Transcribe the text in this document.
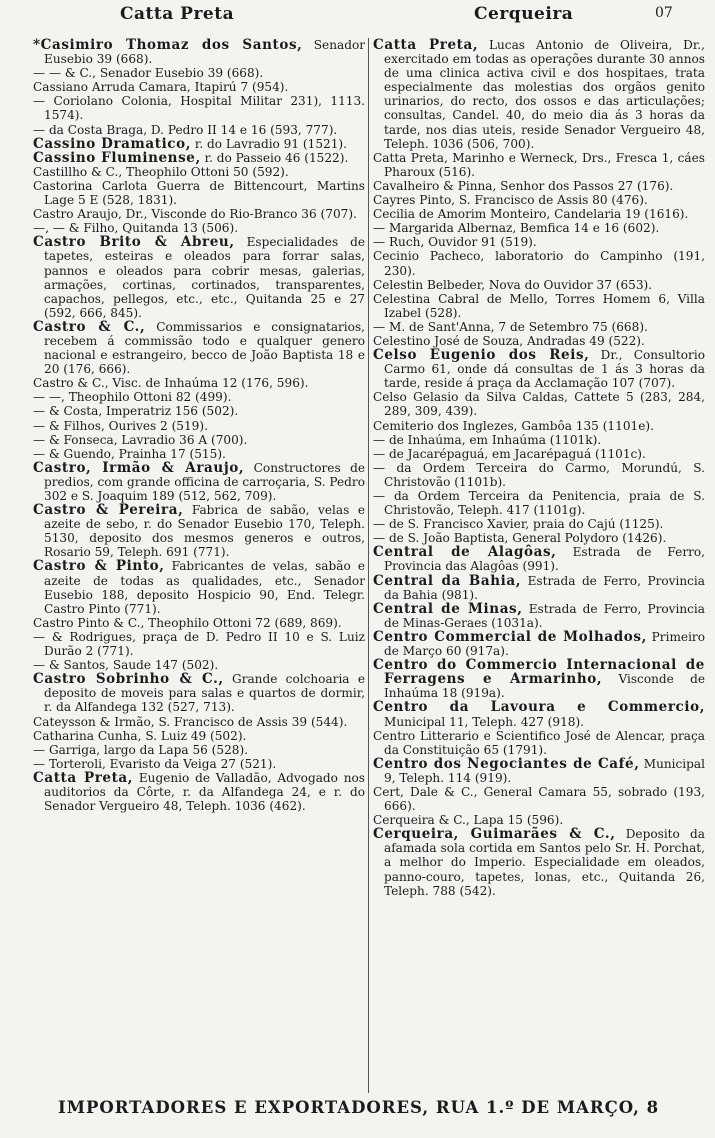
Catta Preta	Cerqueira	07
*Casimiro Thomaz dos Santos, Senador Eusebio 39 (668).
— — & C., Senador Eusebio 39 (668).
Cassiano Arruda Camara, Itapirú 7 (954).
— Coriolano Colonia, Hospital Militar 231), 1113. 1574).
— da Costa Braga, D. Pedro II 14 e 16 (593, 777).
Cassino Dramatico, r. do Lavradio 91 (1521).
Cassino Fluminense, r. do Passeio 46 (1522).
Castillho & C., Theophilo Ottoni 50 (592).
Castorina Carlota Guerra de Bittencourt, Martins Lage 5 E (528, 1831).
Castro Araujo, Dr., Visconde do Rio-Branco 36 (707).
—, — & Filho, Quitanda 13 (506).
Castro Brito & Abreu, Especialidades de tapetes, esteiras e oleados para forrar salas, pannos e oleados para cobrir mesas, galerias, armações, cortinas, cortinados, transparentes, capachos, pellegos, etc., etc., Quitanda 25 e 27 (592, 666, 845).
Castro & C., Commissarios e consignatarios, recebem á commissão todo e qualquer genero nacional e estrangeiro, becco de João Baptista 18 e 20 (176, 666).
Castro & C., Visc. de Inhaúma 12 (176, 596).
— —, Theophilo Ottoni 82 (499).
— & Costa, Imperatriz 156 (502).
— & Filhos, Ourives 2 (519).
— & Fonseca, Lavradio 36 A (700).
— & Guendo, Prainha 17 (515).
Castro, Irmão & Araujo, Constructores de predios, com grande officina de carroçaria, S. Pedro 302 e S. Joaquim 189 (512, 562, 709).
Castro & Pereira, Fabrica de sabão, velas e azeite de sebo, r. do Senador Eusebio 170, Teleph. 5130, deposito dos mesmos generos e outros, Rosario 59, Teleph. 691 (771).
Castro & Pinto, Fabricantes de velas, sabão e azeite de todas as qualidades, etc., Senador Eusebio 188, deposito Hospicio 90, End. Telegr. Castro Pinto (771).
Castro Pinto & C., Theophilo Ottoni 72 (689, 869).
— & Rodrigues, praça de D. Pedro II 10 e S. Luiz Durão 2 (771).
— & Santos, Saude 147 (502).
Castro Sobrinho & C., Grande colchoaria e deposito de moveis para salas e quartos de dormir, r. da Alfandega 132 (527, 713).
Cateysson & Irmão, S. Francisco de Assis 39 (544).
Catharina Cunha, S. Luiz 49 (502).
— Garriga, largo da Lapa 56 (528).
— Torteroli, Evaristo da Veiga 27 (521).
Catta Preta, Eugenio de Valladão, Advogado nos auditorios da Côrte, r. da Alfandega 24, e r. do Senador Vergueiro 48, Teleph. 1036 (462).
Catta Preta, Lucas Antonio de Oliveira, Dr., exercitado em todas as operações durante 30 annos de uma clinica activa civil e dos hospitaes, trata especialmente das molestias dos orgãos genito urinarios, do recto, dos ossos e das articulações; consultas, Candel. 40, do meio dia ás 3 horas da tarde, nos dias uteis, reside Senador Vergueiro 48, Teleph. 1036 (506, 700).
Catta Preta, Marinho e Werneck, Drs., Fresca 1, cáes Pharoux (516).
Cavalheiro & Pinna, Senhor dos Passos 27 (176).
Cayres Pinto, S. Francisco de Assis 80 (476).
Cecilia de Amorim Monteiro, Candelaria 19 (1616).
— Margarida Albernaz, Bemfica 14 e 16 (602).
— Ruch, Ouvidor 91 (519).
Cecinio Pacheco, laboratorio do Campinho (191, 230).
Celestin Belbeder, Nova do Ouvidor 37 (653).
Celestina Cabral de Mello, Torres Homem 6, Villa Izabel (528).
— M. de Sant'Anna, 7 de Setembro 75 (668).
Celestino José de Souza, Andradas 49 (522).
Celso Eugenio dos Reis, Dr., Consultorio Carmo 61, onde dá consultas de 1 ás 3 horas da tarde, reside á praça da Acclamação 107 (707).
Celso Gelasio da Silva Caldas, Cattete 5 (283, 284, 289, 309, 439).
Cemiterio dos Inglezes, Gambôa 135 (1101e).
— de Inhaúma, em Inhaúma (1101k).
— de Jacarépaguá, em Jacarépaguá (1101c).
— da Ordem Terceira do Carmo, Morundú, S. Christovão (1101b).
— da Ordem Terceira da Penitencia, praia de S. Christovão, Teleph. 417 (1101g).
— de S. Francisco Xavier, praia do Cajú (1125).
— de S. João Baptista, General Polydoro (1426).
Central de Alagôas, Estrada de Ferro, Provincia das Alagôas (991).
Central da Bahia, Estrada de Ferro, Provincia da Bahia (981).
Central de Minas, Estrada de Ferro, Provincia de Minas-Geraes (1031a).
Centro Commercial de Molhados, Primeiro de Março 60 (917a).
Centro do Commercio Internacional de Ferragens e Armarinho, Visconde de Inhaúma 18 (919a).
Centro da Lavoura e Commercio, Municipal 11, Teleph. 427 (918).
Centro Litterario e Scientifico José de Alencar, praça da Constituição 65 (1791).
Centro dos Negociantes de Café, Municipal 9, Teleph. 114 (919).
Cert, Dale & C., General Camara 55, sobrado (193, 666).
Cerqueira & C., Lapa 15 (596).
Cerqueira, Guimarães & C., Deposito da afamada sola cortida em Santos pelo Sr. H. Porchat, a melhor do Imperio. Especialidade em oleados, panno-couro, tapetes, lonas, etc., Quitanda 26, Teleph. 788 (542).
IMPORTADORES E EXPORTADORES, RUA 1.º DE MARÇO, 8
